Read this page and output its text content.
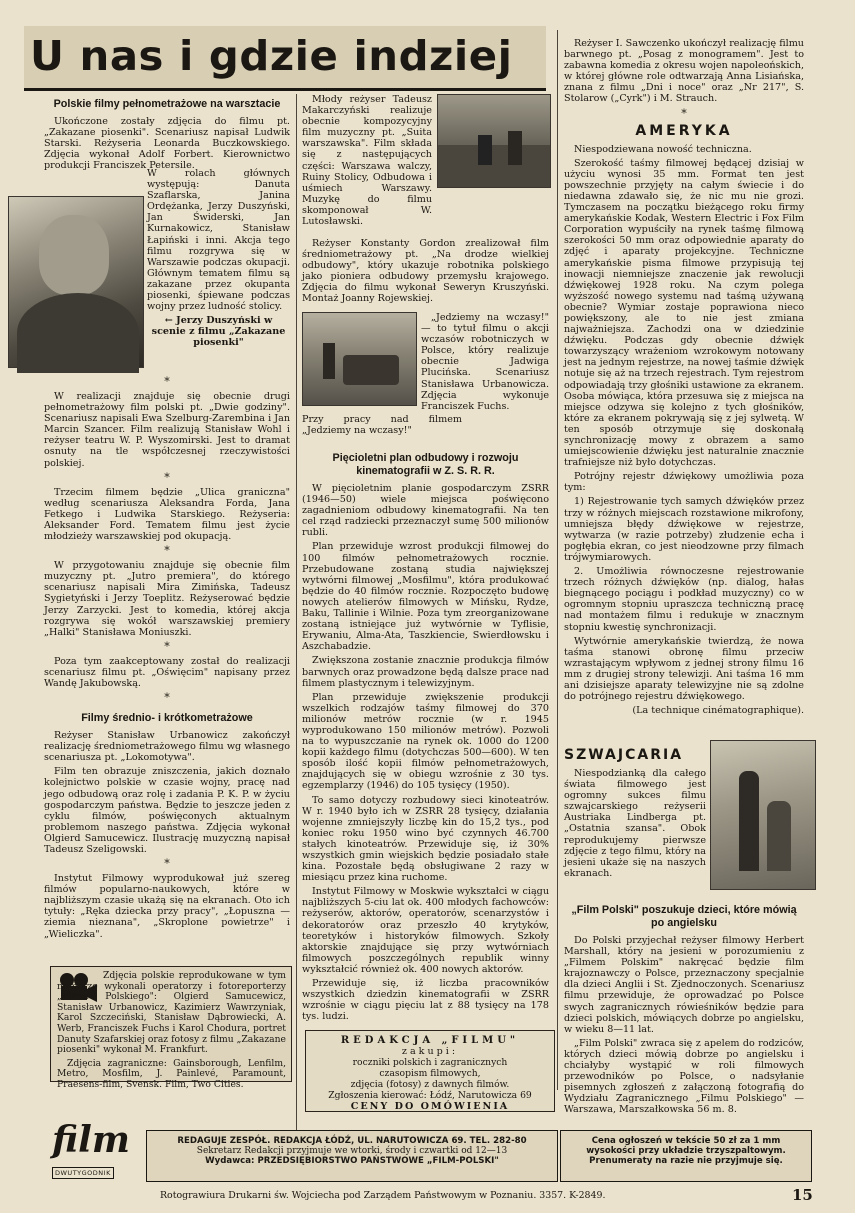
U nas i gdzie indziej
Polskie filmy pełnometrażowe na warsztacie

Ukończone zostały zdjęcia do filmu pt. „Zakazane piosenki". Scenariusz napisał Ludwik Starski. Reżyseria Leonarda Buczkowskiego. Zdjęcia wykonał Adolf Forbert. Kierownictwo produkcji Franciszek Petersile.

W rolach głównych występują: Danuta Szaflarska, Janina Ordężanka, Jerzy Duszyński, Jan Świderski, Jan Kurnakowicz, Stanisław Łapiński i inni. Akcja tego filmu rozgrywa się w Warszawie podczas okupacji. Głównym tematem filmu są zakazane przez okupanta piosenki, śpiewane podczas wojny przez ludność stolicy.

← Jerzy Duszyński w scenie z filmu „Zakazane piosenki"

*

W realizacji znajduje się obecnie drugi pełnometrażowy film polski pt. „Dwie godziny". Scenariusz napisali Ewa Szelburg-Zarembina i Jan Marcin Szancer. Film realizują Stanisław Wohl i reżyser teatru W. P. Wyszomirski. Jest to dramat osnuty na tle współczesnej rzeczywistości polskiej.

*

Trzecim filmem będzie „Ulica graniczna" według scenariusza Aleksandra Forda, Jana Fetkego i Ludwika Starskiego. Reżyseria: Aleksander Ford. Tematem filmu jest życie młodzieży warszawskiej pod okupacją.

*

W przygotowaniu znajduje się obecnie film muzyczny pt. „Jutro premiera", do którego scenariusz napisali Mira Zimińska, Tadeusz Sygietyński i Jerzy Toeplitz. Reżyserować będzie Jerzy Zarzycki. Jest to komedia, której akcja rozgrywa się wokół warszawskiej premiery „Halki" Stanisława Moniuszki.

*

Poza tym zaakceptowany został do realizacji scenariusz filmu pt. „Oświęcim" napisany przez Wandę Jakubowską.

*
Filmy średnio- i krótkometrażowe

Reżyser Stanisław Urbanowicz zakończył realizację średniometrażowego filmu wg własnego scenariusza pt. „Lokomotywa".

Film ten obrazuje zniszczenia, jakich doznało kolejnictwo polskie w czasie wojny, pracę nad jego odbudową oraz rolę i zadania P. K. P. w życiu gospodarczym państwa. Będzie to jeszcze jeden z cyklu filmów, poświęconych aktualnym problemom naszego państwa. Zdjęcia wykonał Olgierd Samucewicz. Ilustrację muzyczną napisał Tadeusz Szeligowski.

*

Instytut Filmowy wyprodukował już szereg filmów popularno-naukowych, które w najbliższym czasie ukażą się na ekranach. Oto ich tytuły: „Ręka dziecka przy pracy", „Łopuszna — ziemia nieznana", „Skroplone powietrze" i „Wieliczka".

Zdjęcia polskie reprodukowane w tym numerze wykonali operatorzy i fotoreporterzy „Filmu Polskiego": Olgierd Samucewicz, Stanisław Urbanowicz, Kazimierz Wawrzyniak, Karol Szczeciński, Stanisław Dąbrowiecki, A. Werb, Franciszek Fuchs i Karol Chodura, portret Danuty Szafarskiej oraz fotosy z filmu „Zakazane piosenki" wykonał M. Frankfurt.

Zdjęcia zagraniczne: Gainsborough, Lenfilm, Metro, Mosfilm, J. Painlevé, Paramount, Praesens-film, Svensk. Film, Two Cities.

Młody reżyser Tadeusz Makarczyński realizuje obecnie kompozycyjny film muzyczny pt. „Suita warszawska". Film składa się z następujących części: Warszawa walczy, Ruiny Stolicy, Odbudowa i uśmiech Warszawy. Muzykę do filmu skomponował W. Lutosławski.

Reżyser Konstanty Gordon zrealizował film średniometrażowy pt. „Na drodze wielkiej odbudowy", który ukazuje robotnika polskiego jako pioniera odbudowy przemysłu krajowego. Zdjęcia do filmu wykonał Seweryn Kruszyński. Montaż Joanny Rojewskiej.

„Jedziemy na wczasy!" — to tytuł filmu o akcji wczasów robotniczych w Polsce, który realizuje obecnie Jadwiga Plucińska. Scenariusz Stanisława Urbanowicza. Zdjęcia wykonuje Franciszek Fuchs.

Przy pracy nad filmem „Jedziemy na wczasy!"

Pięcioletni plan odbudowy i rozwoju kinematografii w Z. S. R. R.

W pięcioletnim planie gospodarczym ZSRR (1946—50) wiele miejsca poświęcono zagadnieniom odbudowy kinematografii. Na ten cel rząd radziecki przeznaczył sumę 500 milionów rubli.

Plan przewiduje wzrost produkcji filmowej do 100 filmów pełnometrażowych rocznie. Przebudowane zostaną studia największej wytwórni filmowej „Mosfilmu", która produkować będzie do 40 filmów rocznie. Rozpoczęto budowę nowych atelierów filmowych w Mińsku, Rydze, Baku, Tallinie i Wilnie. Poza tym zreorganizowane zostaną istniejące już wytwórnie w Tyflisie, Erywaniu, Alma-Ata, Taszkiencie, Swierdłowsku i Aszchabadzie.

Zwiększona zostanie znacznie produkcja filmów barwnych oraz prowadzone będą dalsze prace nad filmem plastycznym i telewizyjnym.

Plan przewiduje zwiększenie produkcji wszelkich rodzajów taśmy filmowej do 370 milionów metrów rocznie (w r. 1945 wyprodukowano 150 milionów metrów). Pozwoli na to wypuszczanie na rynek ok. 1000 do 1200 kopii każdego filmu (dotychczas 500—600). W ten sposób ilość kopii filmów pełnometrażowych, znajdujących się w obiegu wzrośnie z 30 tys. egzemplarzy (1946) do 105 tysięcy (1950).

To samo dotyczy rozbudowy sieci kinoteatrów. W r. 1940 było ich w ZSRR 28 tysięcy, działania wojenne zmniejszyły liczbę kin do 15,2 tys., pod koniec roku 1950 wino być czynnych 46.700 stałych kinoteatrów. Przewiduje się, iż 30% wszystkich gmin wiejskich będzie posiadało stałe kina. Pozostałe będą obsługiwane 2 razy w miesiącu przez kina ruchome.

Instytut Filmowy w Moskwie wykształci w ciągu najbliższych 5-ciu lat ok. 400 młodych fachowców: reżyserów, aktorów, operatorów, scenarzystów i dekoratorów oraz przeszło 40 krytyków, teoretyków i historyków filmowych. Szkoły aktorskie znajdujące się przy wytwórniach filmowych poszczególnych republik winny wykształcić również ok. 400 nowych aktorów.

Przewiduje się, iż liczba pracowników wszystkich dziedzin kinematografii w ZSRR wzrośnie w ciągu pięciu lat z 88 tysięcy na 178 tys. ludzi.

REDAKCJA „FILMU"
zakupi:
roczniki polskich i zagranicznych
czasopism filmowych,
zdjęcia (fotosy) z dawnych filmów.
Zgłoszenia kierować: Łódź, Narutowicza 69
CENY DO OMÓWIENIA

Reżyser I. Sawczenko ukończył realizację filmu barwnego pt. „Posag z monogramem". Jest to zabawna komedia z okresu wojen napoleońskich, w której główne role odtwarzają Anna Lisiańska, znana z filmu „Dni i noce" oraz „Nr 217", S. Stolarow („Cyrk") i M. Strauch.

*
AMERYKA

Niespodziewana nowość techniczna.

Szerokość taśmy filmowej będącej dzisiaj w użyciu wynosi 35 mm. Format ten jest powszechnie przyjęty na całym świecie i do niedawna zdawało się, że nic mu nie grozi. Tymczasem na początku bieżącego roku firmy amerykańskie Kodak, Western Electric i Fox Film Corporation wypuściły na rynek taśmę filmową szerokości 50 mm oraz odpowiednie aparaty do zdjęć i aparaty projekcyjne. Techniczne amerykańskie pisma filmowe przypisują tej inowacji niemniejsze znaczenie jak rewolucji dźwiękowej 1928 roku. Na czym polega wyższość nowego systemu nad taśmą używaną obecnie? Wymiar zostaje poprawiona nieco powiększony, ale to nie jest zmiana najważniejsza. Zachodzi ona w dziedzinie dźwięku. Podczas gdy obecnie dźwięk towarzyszący wrażeniom wzrokowym notowany jest na jednym rejestrze, na nowej taśmie dźwięk notuje się aż na trzech rejestrach. Tym rejestrom odpowiadają trzy głośniki ustawione za ekranem. Osoba mówiąca, która przesuwa się z miejsca na miejsce odzywa się kolejno z tych głośników, które za ekranem pokrywają się z jej sylwetą. W ten sposób otrzymuje się doskonałą synchronizację mowy z obrazem a samo umiejscowienie dźwięku jest naturalnie znacznie trafniejsze niż było dotychczas.

Potrójny rejestr dźwiękowy umożliwia poza tym:

1) Rejestrowanie tych samych dźwięków przez trzy w różnych miejscach rozstawione mikrofony, umniejsza błędy dźwiękowe w rejestrze, wytwarza (w razie potrzeby) złudzenie echa i pogłębia ekran, co jest nieodzowne przy filmach trójwymiarowych.

2. Umożliwia równoczesne rejestrowanie trzech różnych dźwięków (np. dialog, hałas biegnącego pociągu i podkład muzyczny) co w ogromnym stopniu upraszcza techniczną pracę nad montażem filmu i redukuje w znacznym stopniu kwestię synchronizacji.

Wytwórnie amerykańskie twierdzą, że nowa taśma stanowi obronę filmu przeciw wzrastającym wpływom z jednej strony filmu 16 mm z drugiej strony telewizji. Ani taśma 16 mm ani dzisiejsze aparaty telewizyjne nie są zdolne do potrójnego rejestru dźwiękowego.

(La technique cinématographique).

SZWAJCARIA

Niespodzianką dla całego świata filmowego jest ogromny sukces filmu szwajcarskiego reżyserii Austriaka Lindberga pt. „Ostatnia szansa". Obok reprodukujemy pierwsze zdjęcie z tego filmu, który na jesieni ukaże się na naszych ekranach.

„Film Polski" poszukuje dzieci, które mówią po angielsku

Do Polski przyjechał reżyser filmowy Herbert Marshall, który na jesieni w porozumieniu z „Filmem Polskim" nakręcać będzie film krajoznawczy o Polsce, przeznaczony specjalnie dla dzieci Anglii i St. Zjednoczonych. Scenariusz filmu przewiduje, że oprowadzać po Polsce swych zagranicznych rówieśników będzie para dzieci polskich, mówiących dobrze po angielsku, w wieku 8—11 lat.

„Film Polski" zwraca się z apelem do rodziców, których dzieci mówią dobrze po angielsku i chciałyby wystąpić w roli filmowych przewodników po Polsce, o nadsyłanie pisemnych zgłoszeń z załączoną fotografią do Wydziału Zagranicznego „Filmu Polskiego" — Warszawa, Marszałkowska 56 m. 8.

film
DWUTYGODNIK
REDAGUJE ZESPÓŁ. REDAKCJA ŁÓDŹ, UL. NARUTOWICZA 69. TEL. 282-80
Sekretarz Redakcji przyjmuje we wtorki, środy i czwartki od 12—13
Wydawca: PRZEDSIĘBIORSTWO PAŃSTWOWE „FILM-POLSKI"
Cena ogłoszeń w tekście 50 zł za 1 mm
wysokości przy układzie trzyszpaltowym.
Prenumeraty na razie nie przyjmuje się.
Rotograwiura Drukarni św. Wojciecha pod Zarządem Państwowym w Poznaniu. 3357. K-2849.	15
